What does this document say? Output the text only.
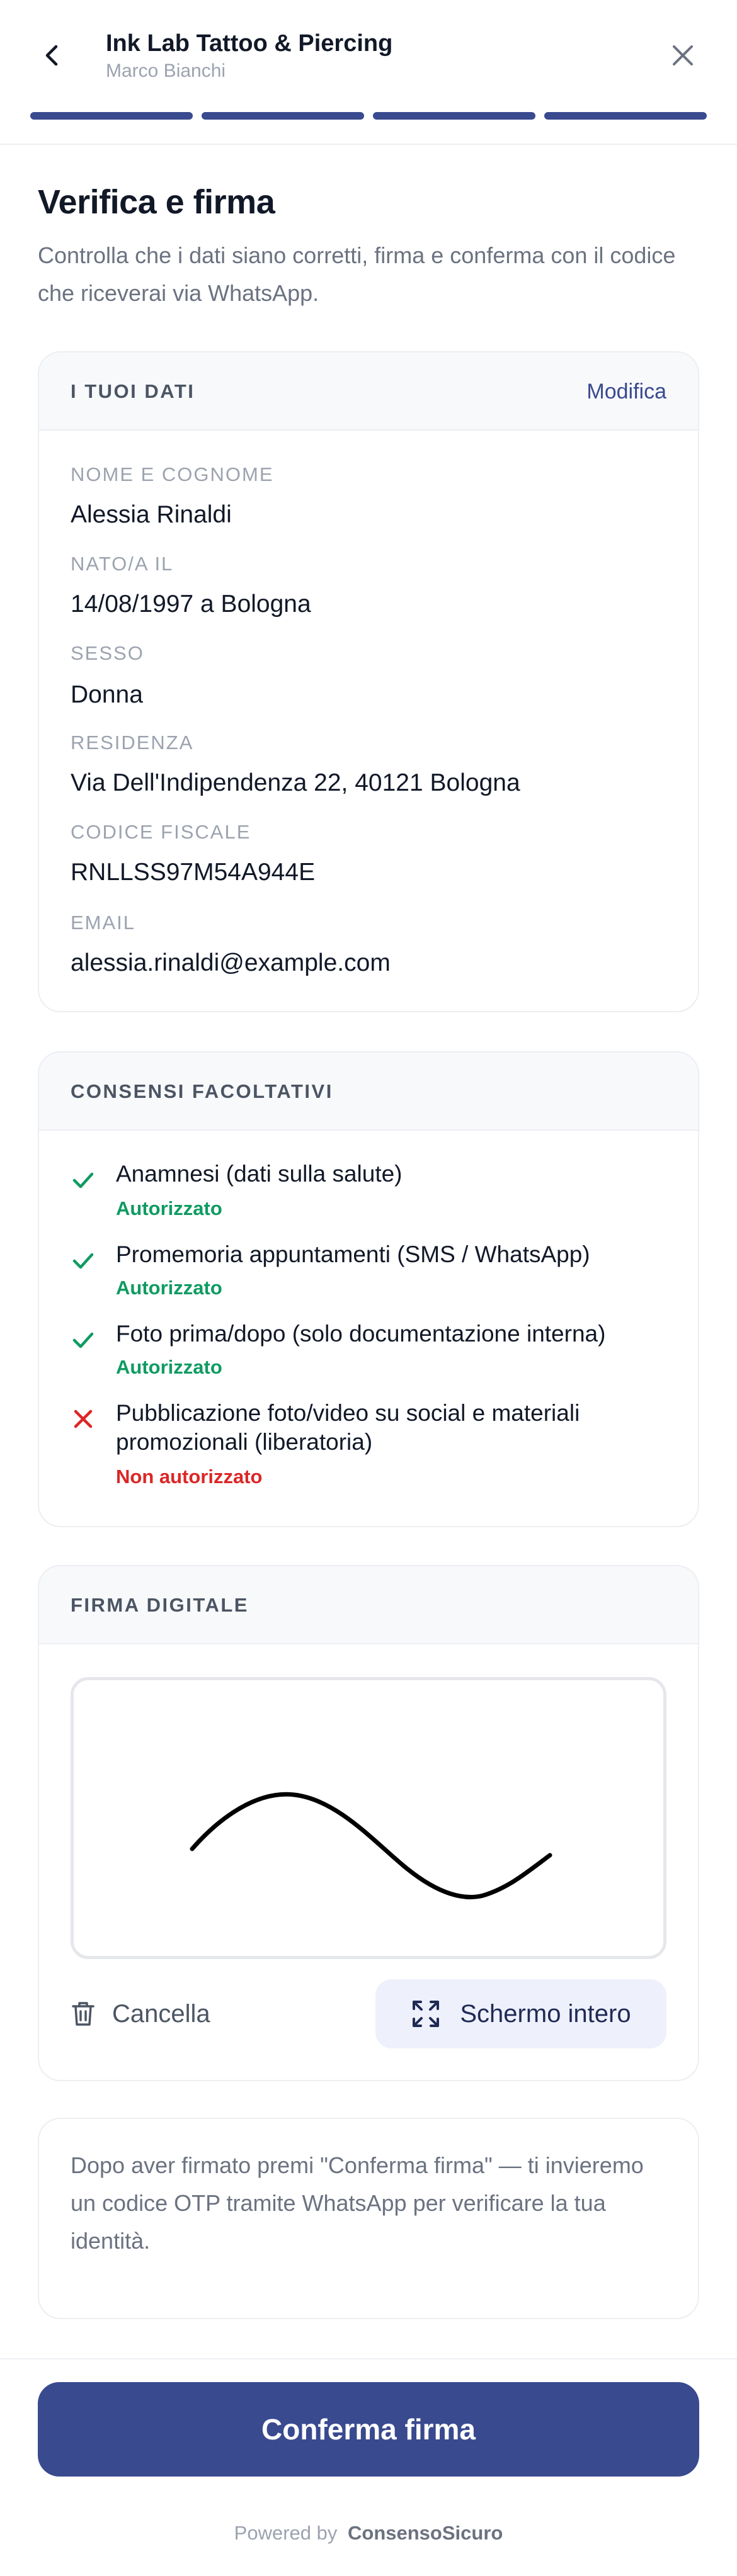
Ink Lab Tattoo & Piercing
Marco Bianchi
Verifica e firma
Controlla che i dati siano corretti, firma e conferma con il codice che riceverai via WhatsApp.
I TUOI DATI	Modifica
NOME E COGNOME
Alessia Rinaldi
NATO/A IL
14/08/1997 a Bologna
SESSO
Donna
RESIDENZA
Via Dell'Indipendenza 22, 40121 Bologna
CODICE FISCALE
RNLLSS97M54A944E
EMAIL
alessia.rinaldi@example.com
CONSENSI FACOLTATIVI
Anamnesi (dati sulla salute)
Autorizzato
Promemoria appuntamenti (SMS / WhatsApp)
Autorizzato
Foto prima/dopo (solo documentazione interna)
Autorizzato
Pubblicazione foto/video su social e materiali promozionali (liberatoria)
Non autorizzato
FIRMA DIGITALE
Cancella	Schermo intero
Dopo aver firmato premi "Conferma firma" — ti invieremo un codice OTP tramite WhatsApp per verificare la tua identità.
Conferma firma
Powered by ConsensoSicuro
